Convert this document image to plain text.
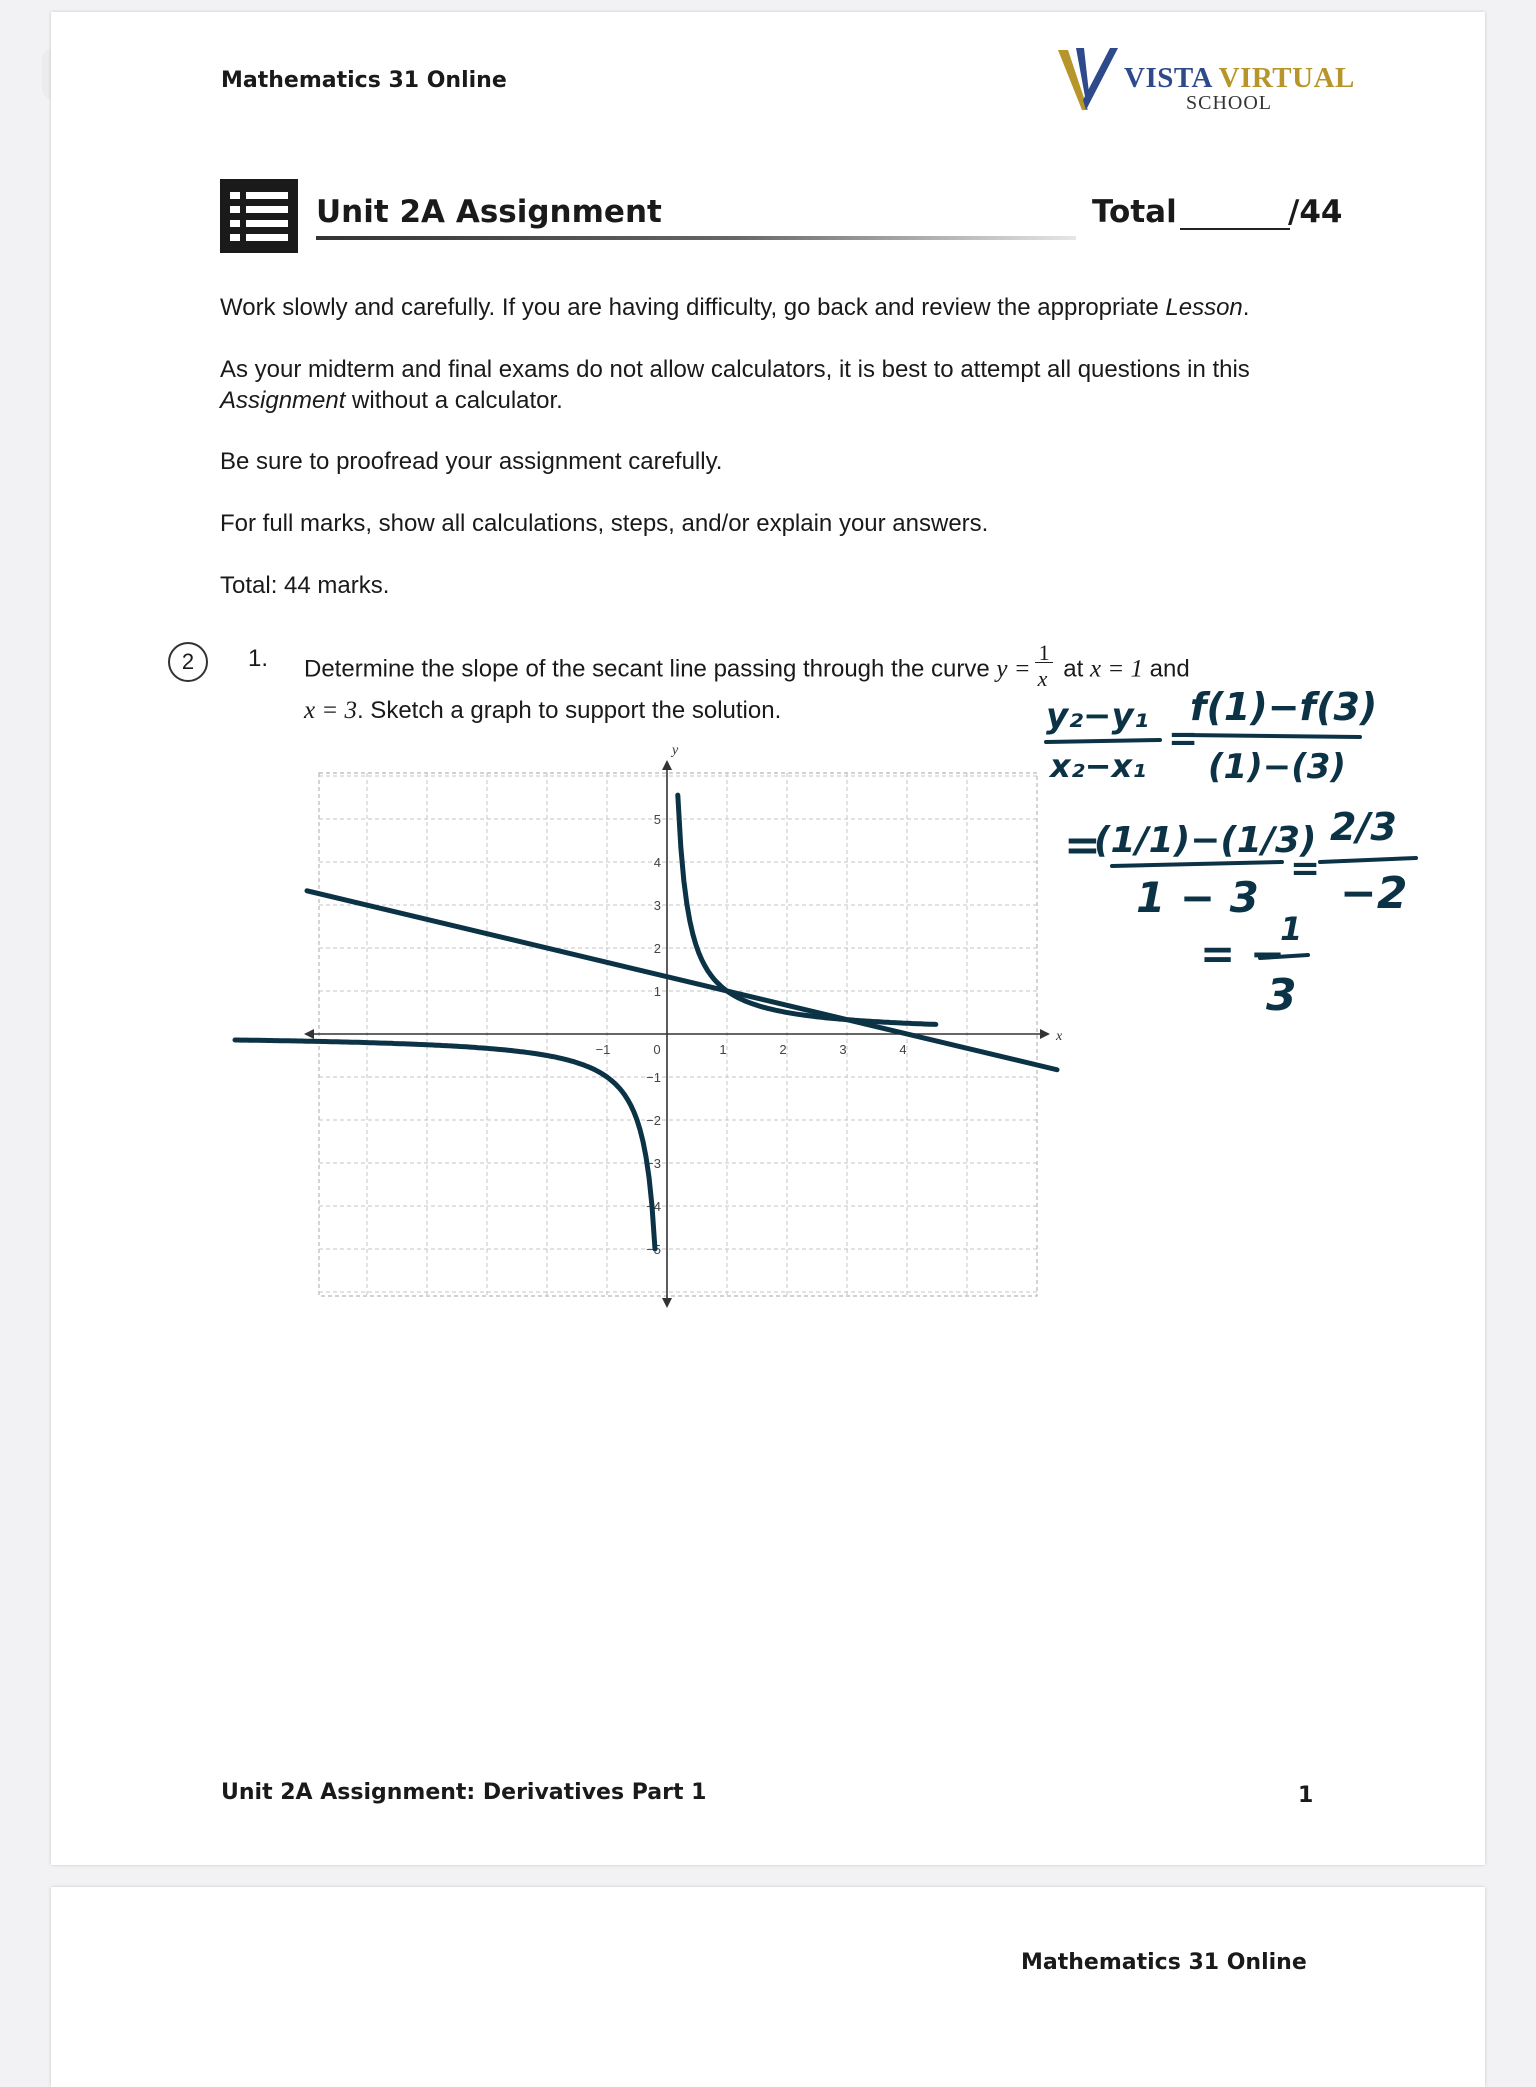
Mathematics 31 Online	VISTA VIRTUAL
SCHOOL
Unit 2A Assignment	Total	/44
Work slowly and carefully. If you are having difficulty, go back and review the appropriate Lesson.
As your midterm and final exams do not allow calculators, it is best to attempt all questions in this
Assignment without a calculator.
Be sure to proofread your assignment carefully.
For full marks, show all calculations, steps, and/or explain your answers.
Total: 44 marks.
2	1. Determine the slope of the secant line passing through the curve $y = \frac{1}{x}$ at x = 1 and
x = 3. Sketch a graph to support the solution.
x
y
−1	0	1	2	3	4
5
4
3
2
1
−1
−2
−3
−4
−5
y₂−y₁
x₂−x₁
=
f(1)−f(3)
(1)−(3)
=
(1/1)−(1/3)
1 − 3
=
2/3
−2
= −
1
3
Unit 2A Assignment: Derivatives Part 1	1
Mathematics 31 Online
